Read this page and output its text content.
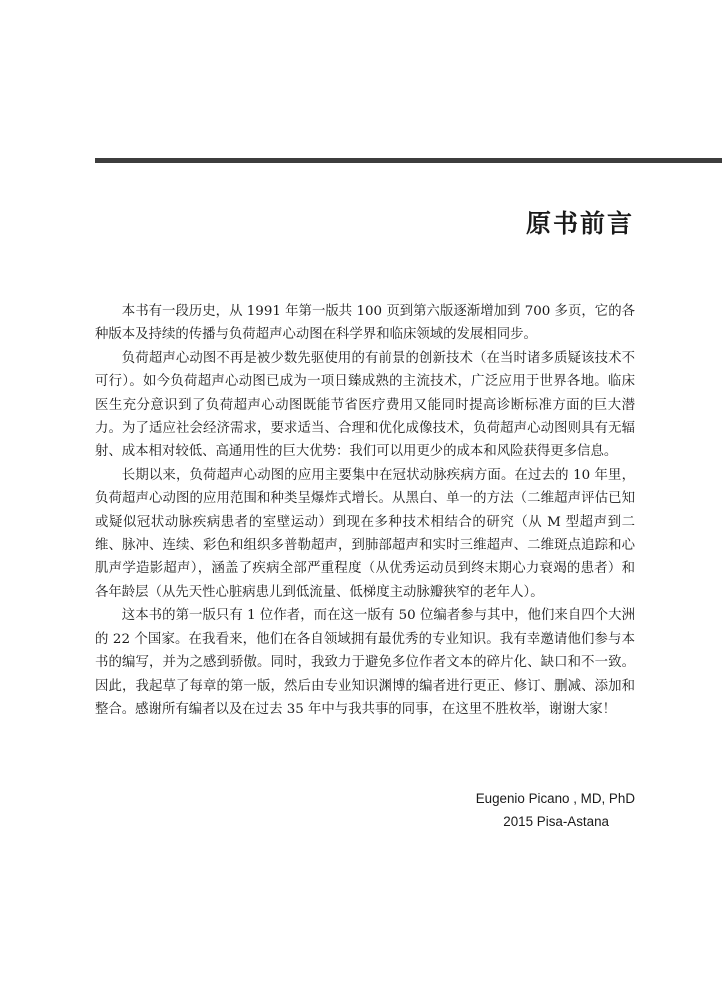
原书前言

本书有一段历史，从 1991 年第一版共 100 页到第六版逐渐增加到 700 多页，它的各种版本及持续的传播与负荷超声心动图在科学界和临床领域的发展相同步。

负荷超声心动图不再是被少数先驱使用的有前景的创新技术（在当时诸多质疑该技术不可行）。如今负荷超声心动图已成为一项日臻成熟的主流技术，广泛应用于世界各地。临床医生充分意识到了负荷超声心动图既能节省医疗费用又能同时提高诊断标准方面的巨大潜力。为了适应社会经济需求，要求适当、合理和优化成像技术，负荷超声心动图则具有无辐射、成本相对较低、高通用性的巨大优势：我们可以用更少的成本和风险获得更多信息。

长期以来，负荷超声心动图的应用主要集中在冠状动脉疾病方面。在过去的 10 年里，负荷超声心动图的应用范围和种类呈爆炸式增长。从黑白、单一的方法（二维超声评估已知或疑似冠状动脉疾病患者的室壁运动）到现在多种技术相结合的研究（从 M 型超声到二维、脉冲、连续、彩色和组织多普勒超声，到肺部超声和实时三维超声、二维斑点追踪和心肌声学造影超声），涵盖了疾病全部严重程度（从优秀运动员到终末期心力衰竭的患者）和各年龄层（从先天性心脏病患儿到低流量、低梯度主动脉瓣狭窄的老年人）。

这本书的第一版只有 1 位作者，而在这一版有 50 位编者参与其中，他们来自四个大洲的 22 个国家。在我看来，他们在各自领域拥有最优秀的专业知识。我有幸邀请他们参与本书的编写，并为之感到骄傲。同时，我致力于避免多位作者文本的碎片化、缺口和不一致。因此，我起草了每章的第一版，然后由专业知识渊博的编者进行更正、修订、删减、添加和整合。感谢所有编者以及在过去 35 年中与我共事的同事，在这里不胜枚举，谢谢大家！

Eugenio Picano , MD, PhD
2015 Pisa-Astana
